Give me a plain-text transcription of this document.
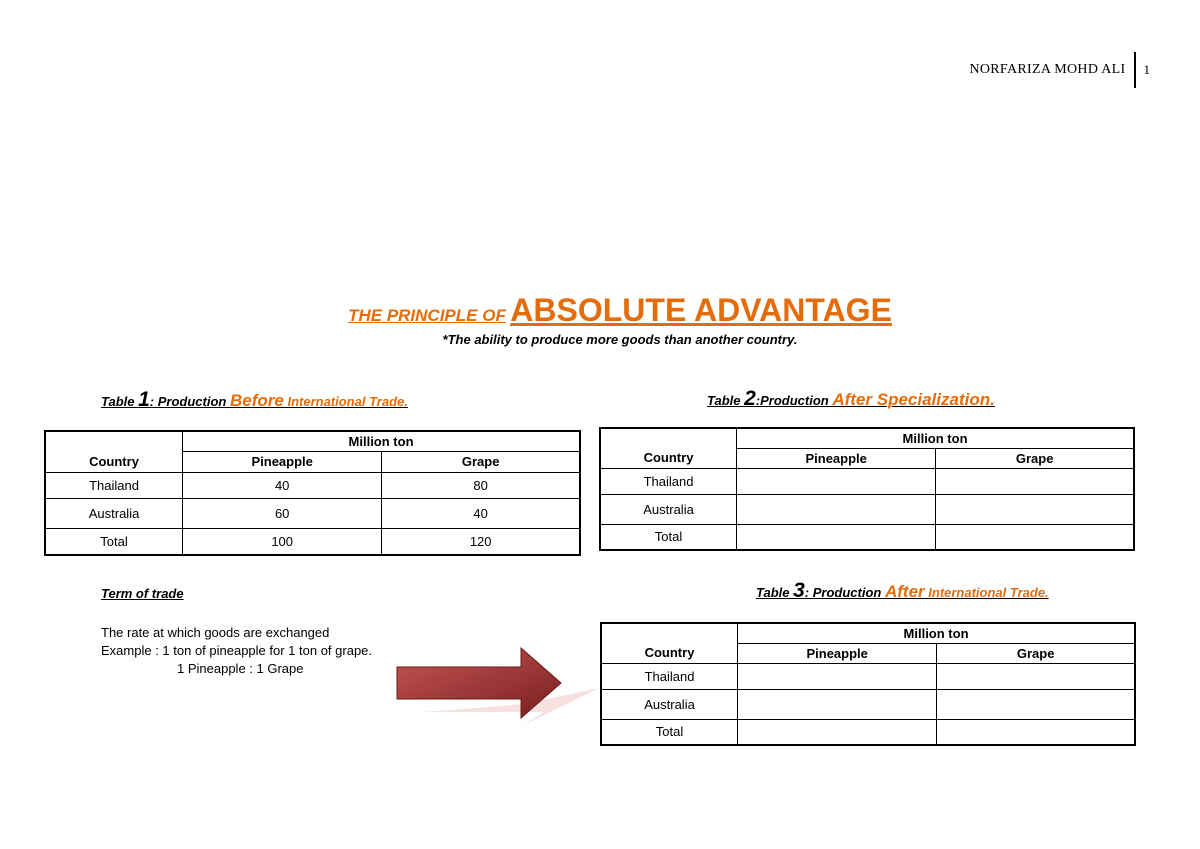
NORFARIZA MOHD ALI 1
THE PRINCIPLE OF ABSOLUTE ADVANTAGE
*The ability to produce more goods than another country.
Table 1: Production Before International Trade.
	Million ton	
Country	Pineapple	Grape
Thailand	40	80
Australia	60	40
Total	100	120
Table 2:Production After Specialization.
	Million ton	
Country	Pineapple	Grape
Thailand		
Australia		
Total		
Term of trade
The rate at which goods are exchanged
Example : 1 ton of pineapple for 1 ton of grape.
1 Pineapple : 1 Grape
Table 3: Production After International Trade.
	Million ton	
Country	Pineapple	Grape
Thailand		
Australia		
Total		
